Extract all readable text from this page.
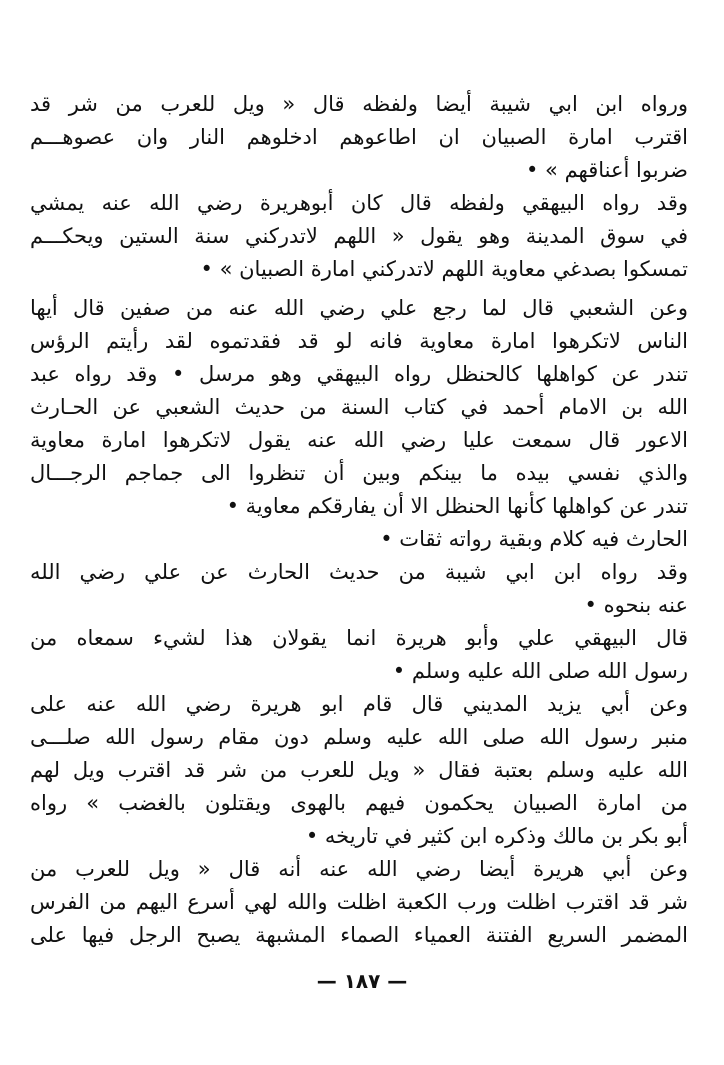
ورواه ابن ابي شيبة أيضا ولفظه قال « ويل للعرب من شر قد
اقترب امارة الصبيان ان اطاعوهم ادخلوهم النار وان عصوهـــم
ضربوا أعناقهم » •
وقد رواه البيهقي ولفظه قال كان أبوهريرة رضي الله عنه يمشي
في سوق المدينة وهو يقول « اللهم لاتدركني سنة الستين ويحكـــم
تمسكوا بصدغي معاوية اللهم لاتدركني امارة الصبيان » •
وعن الشعبي قال لما رجع علي رضي الله عنه من صفين قال أيها
الناس لاتكرهوا امارة معاوية فانه لو قد فقدتموه لقد رأيتم الرؤس
تندر عن كواهلها كالحنظل رواه البيهقي وهو مرسل • وقد رواه عبد
الله بن الامام أحمد في كتاب السنة من حديث الشعبي عن الحـارث
الاعور قال سمعت عليا رضي الله عنه يقول لاتكرهوا امارة معاوية
والذي نفسي بيده ما بينكم وبين أن تنظروا الى جماجم الرجـــال
تندر عن كواهلها كأنها الحنظل الا أن يفارقكم معاوية •
الحارث فيه كلام وبقية رواته ثقات •
وقد رواه ابن ابي شيبة من حديث الحارث عن علي رضي الله
عنه بنحوه •
قال البيهقي علي وأبو هريرة انما يقولان هذا لشيء سمعاه من
رسول الله صلى الله عليه وسلم •
وعن أبي يزيد المديني قال قام ابو هريرة رضي الله عنه على
منبر رسول الله صلى الله عليه وسلم دون مقام رسول الله صلـــى
الله عليه وسلم بعتبة فقال « ويل للعرب من شر قد اقترب ويل لهم
من امارة الصبيان يحكمون فيهم بالهوى ويقتلون بالغضب » رواه
أبو بكر بن مالك وذكره ابن كثير في تاريخه •
وعن أبي هريرة أيضا رضي الله عنه أنه قال « ويل للعرب من
شر قد اقترب اظلت ورب الكعبة اظلت والله لهي أسرع اليهم من الفرس
المضمر السريع الفتنة العمياء الصماء المشبهة يصبح الرجل فيها على
— ١٨٧ —
